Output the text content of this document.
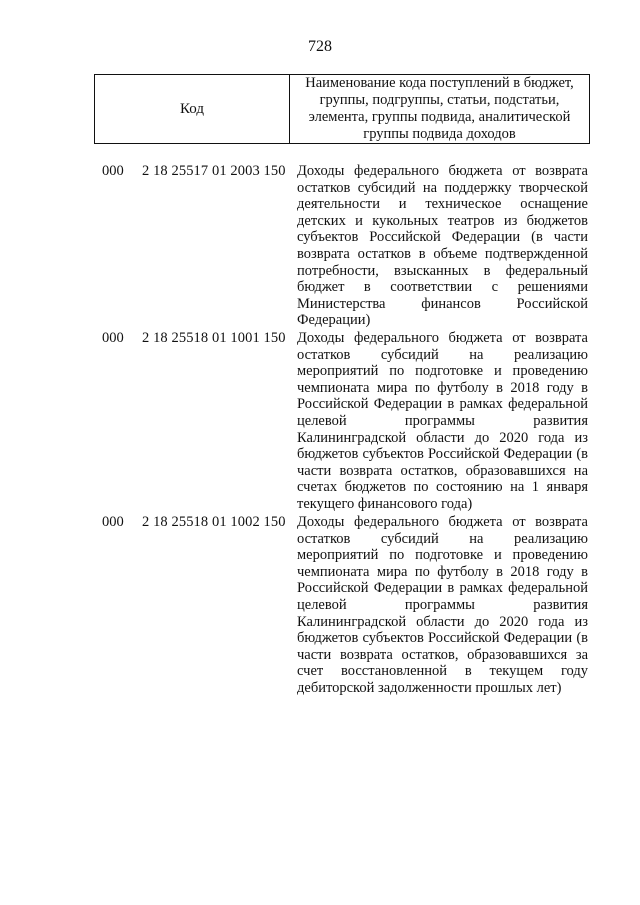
728
Код
Наименование кода поступлений в бюджет, группы, подгруппы, статьи, подстатьи, элемента, группы подвида, аналитической группы подвида доходов
000 2 18 25517 01 2003 150 Доходы федерального бюджета от возврата остатков субсидий на поддержку творческой деятельности и техническое оснащение детских и кукольных театров из бюджетов субъектов Российской Федерации (в части возврата остатков в объеме подтвержденной потребности, взысканных в федеральный бюджет в соответствии с решениями Министерства финансов Российской Федерации)
000 2 18 25518 01 1001 150 Доходы федерального бюджета от возврата остатков субсидий на реализацию мероприятий по подготовке и проведению чемпионата мира по футболу в 2018 году в Российской Федерации в рамках федеральной целевой программы развития Калининградской области до 2020 года из бюджетов субъектов Российской Федерации (в части возврата остатков, образовавшихся на счетах бюджетов по состоянию на 1 января текущего финансового года)
000 2 18 25518 01 1002 150 Доходы федерального бюджета от возврата остатков субсидий на реализацию мероприятий по подготовке и проведению чемпионата мира по футболу в 2018 году в Российской Федерации в рамках федеральной целевой программы развития Калининградской области до 2020 года из бюджетов субъектов Российской Федерации (в части возврата остатков, образовавшихся за счет восстановленной в текущем году дебиторской задолженности прошлых лет)
